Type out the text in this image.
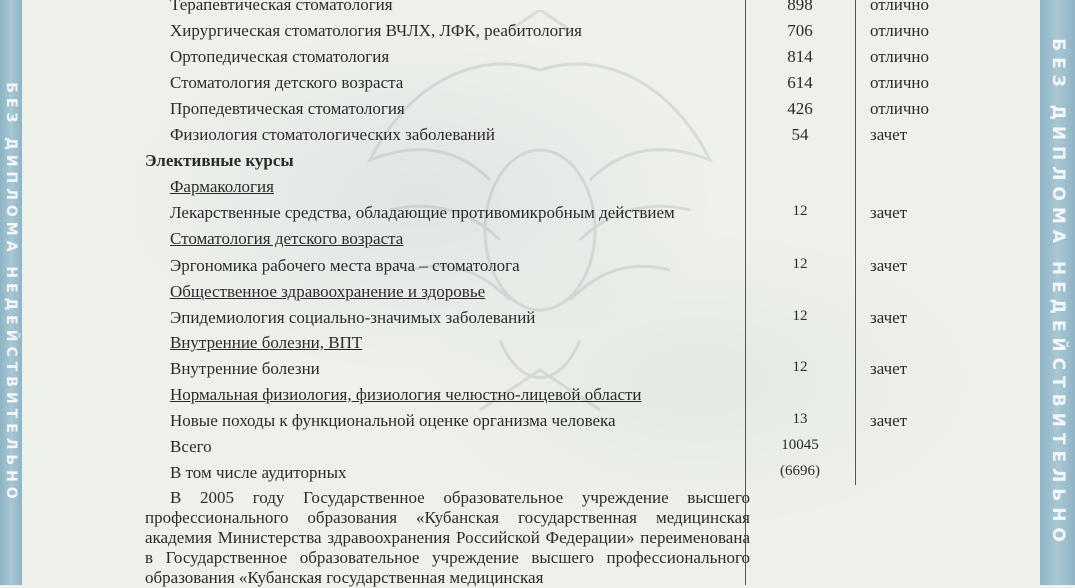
БЕЗ ДИПЛОМА НЕДЕЙСТВИТЕЛЬНО	БЕЗ ДИПЛОМА НЕДЕЙСТВИТЕЛЬНО
Терапевтическая стоматология	898	отлично
Хирургическая стоматология ВЧЛХ, ЛФК, реабитология	706	отлично
Ортопедическая стоматология	814	отлично
Стоматология детского возраста	614	отлично
Пропедевтическая стоматология	426	отлично
Физиология стоматологических заболеваний	54	зачет
Элективные курсы
Фармакология
Лекарственные средства, обладающие противомикробным действием	12	зачет
Стоматология детского возраста
Эргономика рабочего места врача – стоматолога	12	зачет
Общественное здравоохранение и здоровье
Эпидемиология социально-значимых заболеваний	12	зачет
Внутренние болезни, ВПТ
Внутренние болезни	12	зачет
Нормальная физиология, физиология челюстно-лицевой области
Новые походы к функциональной оценке организма человека	13	зачет
Всего	10045
В том числе аудиторных	(6696)
В 2005 году Государственное образовательное учреждение высшего профессионального образования «Кубанская государственная медицинская академия Министерства здравоохранения Российской Федерации» переименована в Государственное образовательное учреждение высшего профессионального образования «Кубанская государственная медицинская
